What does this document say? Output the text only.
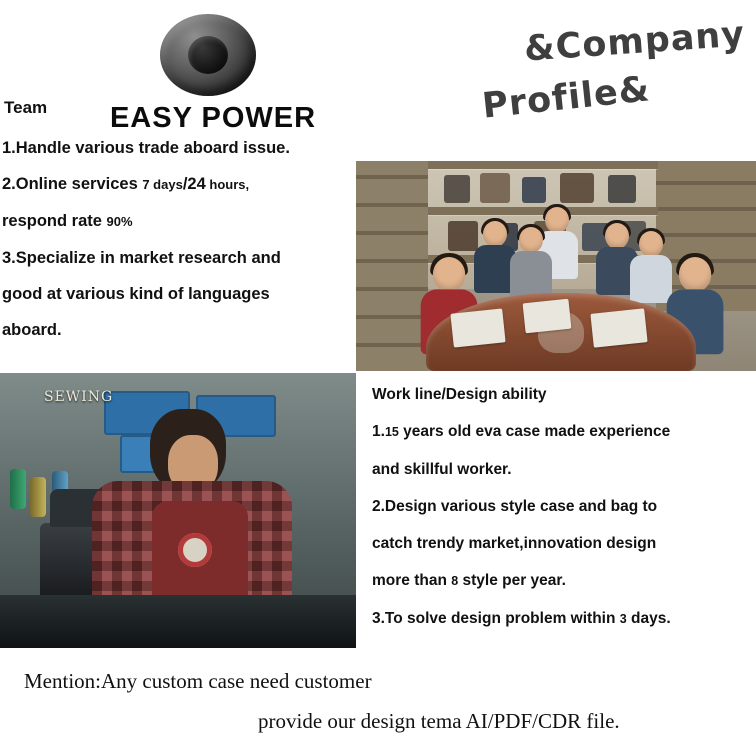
EASY POWER
&Company
Profile&
Team

1.Handle various trade aboard issue.

2.Online services 7 days/24 hours,

respond rate 90%

3.Specialize in market research and

good at various kind of languages

aboard.

SEWING	Work line/Design ability

1.15 years old eva case made experience

and skillful worker.

2.Design various style case and bag to

catch trendy market,innovation design

more than 8 style per year.

3.To solve design problem within 3 days.

Mention:Any custom case need customer
provide our design tema AI/PDF/CDR file.
